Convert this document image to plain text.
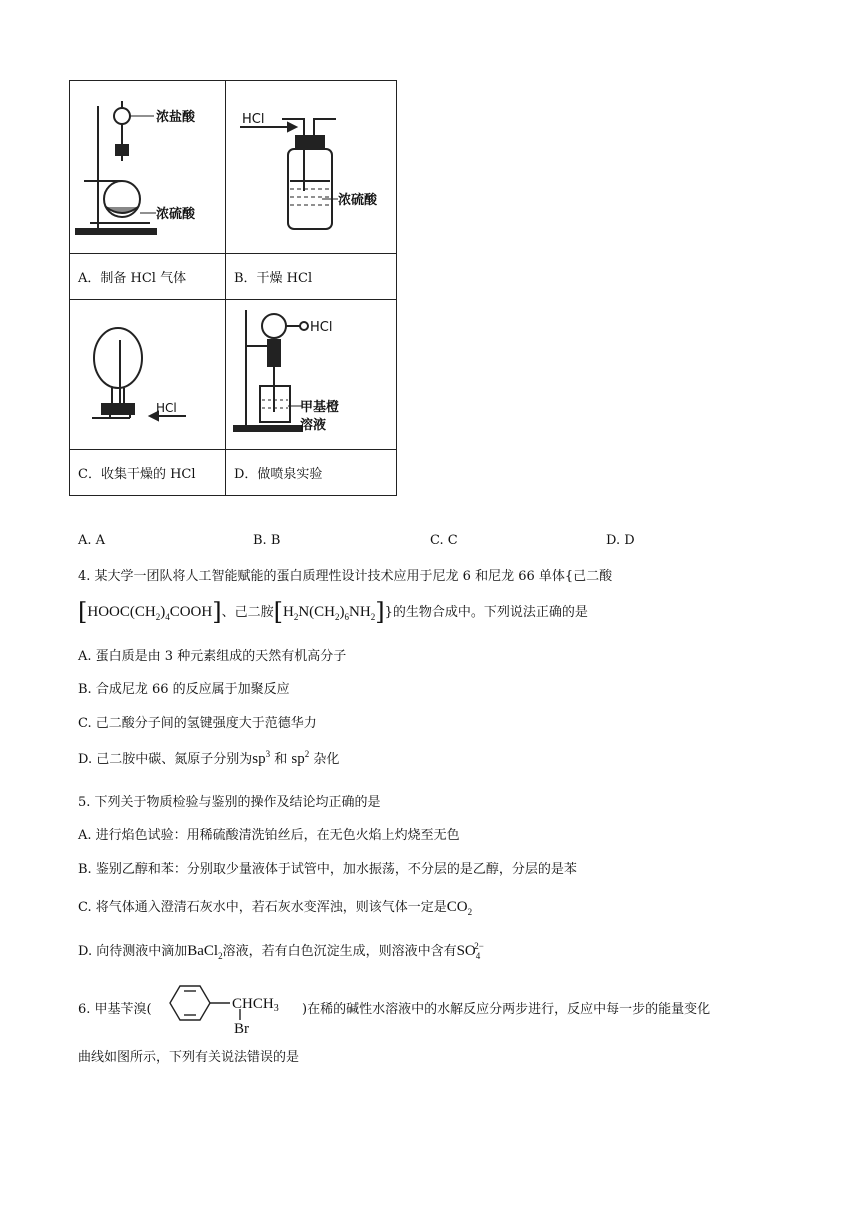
浓盐酸
浓硫酸	HCl
浓硫酸

A．制备 HCl 气体	B．干燥 HCl

HCl	HCl
甲基橙
溶液

C．收集干燥的 HCl	D．做喷泉实验
A. A	B. B	C. C	D. D
4. 某大学一团队将人工智能赋能的蛋白质理性设计技术应用于尼龙 6 和尼龙 66 单体{己二酸
$[HOOC(CH_2)_4COOH]$、己二胺$[H_2N(CH_2)_6NH_2]$}的生物合成中。下列说法正确的是
A. 蛋白质是由 3 种元素组成的天然有机高分子
B. 合成尼龙 66 的反应属于加聚反应
C. 己二酸分子间的氢键强度大于范德华力
D. 己二胺中碳、氮原子分别为$sp^3$ 和 $sp^2$ 杂化
5. 下列关于物质检验与鉴别的操作及结论均正确的是
A. 进行焰色试验：用稀硫酸清洗铂丝后，在无色火焰上灼烧至无色
B. 鉴别乙醇和苯：分别取少量液体于试管中，加水振荡，不分层的是乙醇，分层的是苯
C. 将气体通入澄清石灰水中，若石灰水变浑浊，则该气体一定是$CO_2$
D. 向待测液中滴加BaCl$_2$溶液，若有白色沉淀生成，则溶液中含有$SO_4^{2-}$
6. 甲基苄溴(	$CHCH_3$
Br
)在稀的碱性水溶液中的水解反应分两步进行，反应中每一步的能量变化
曲线如图所示，下列有关说法错误的是
